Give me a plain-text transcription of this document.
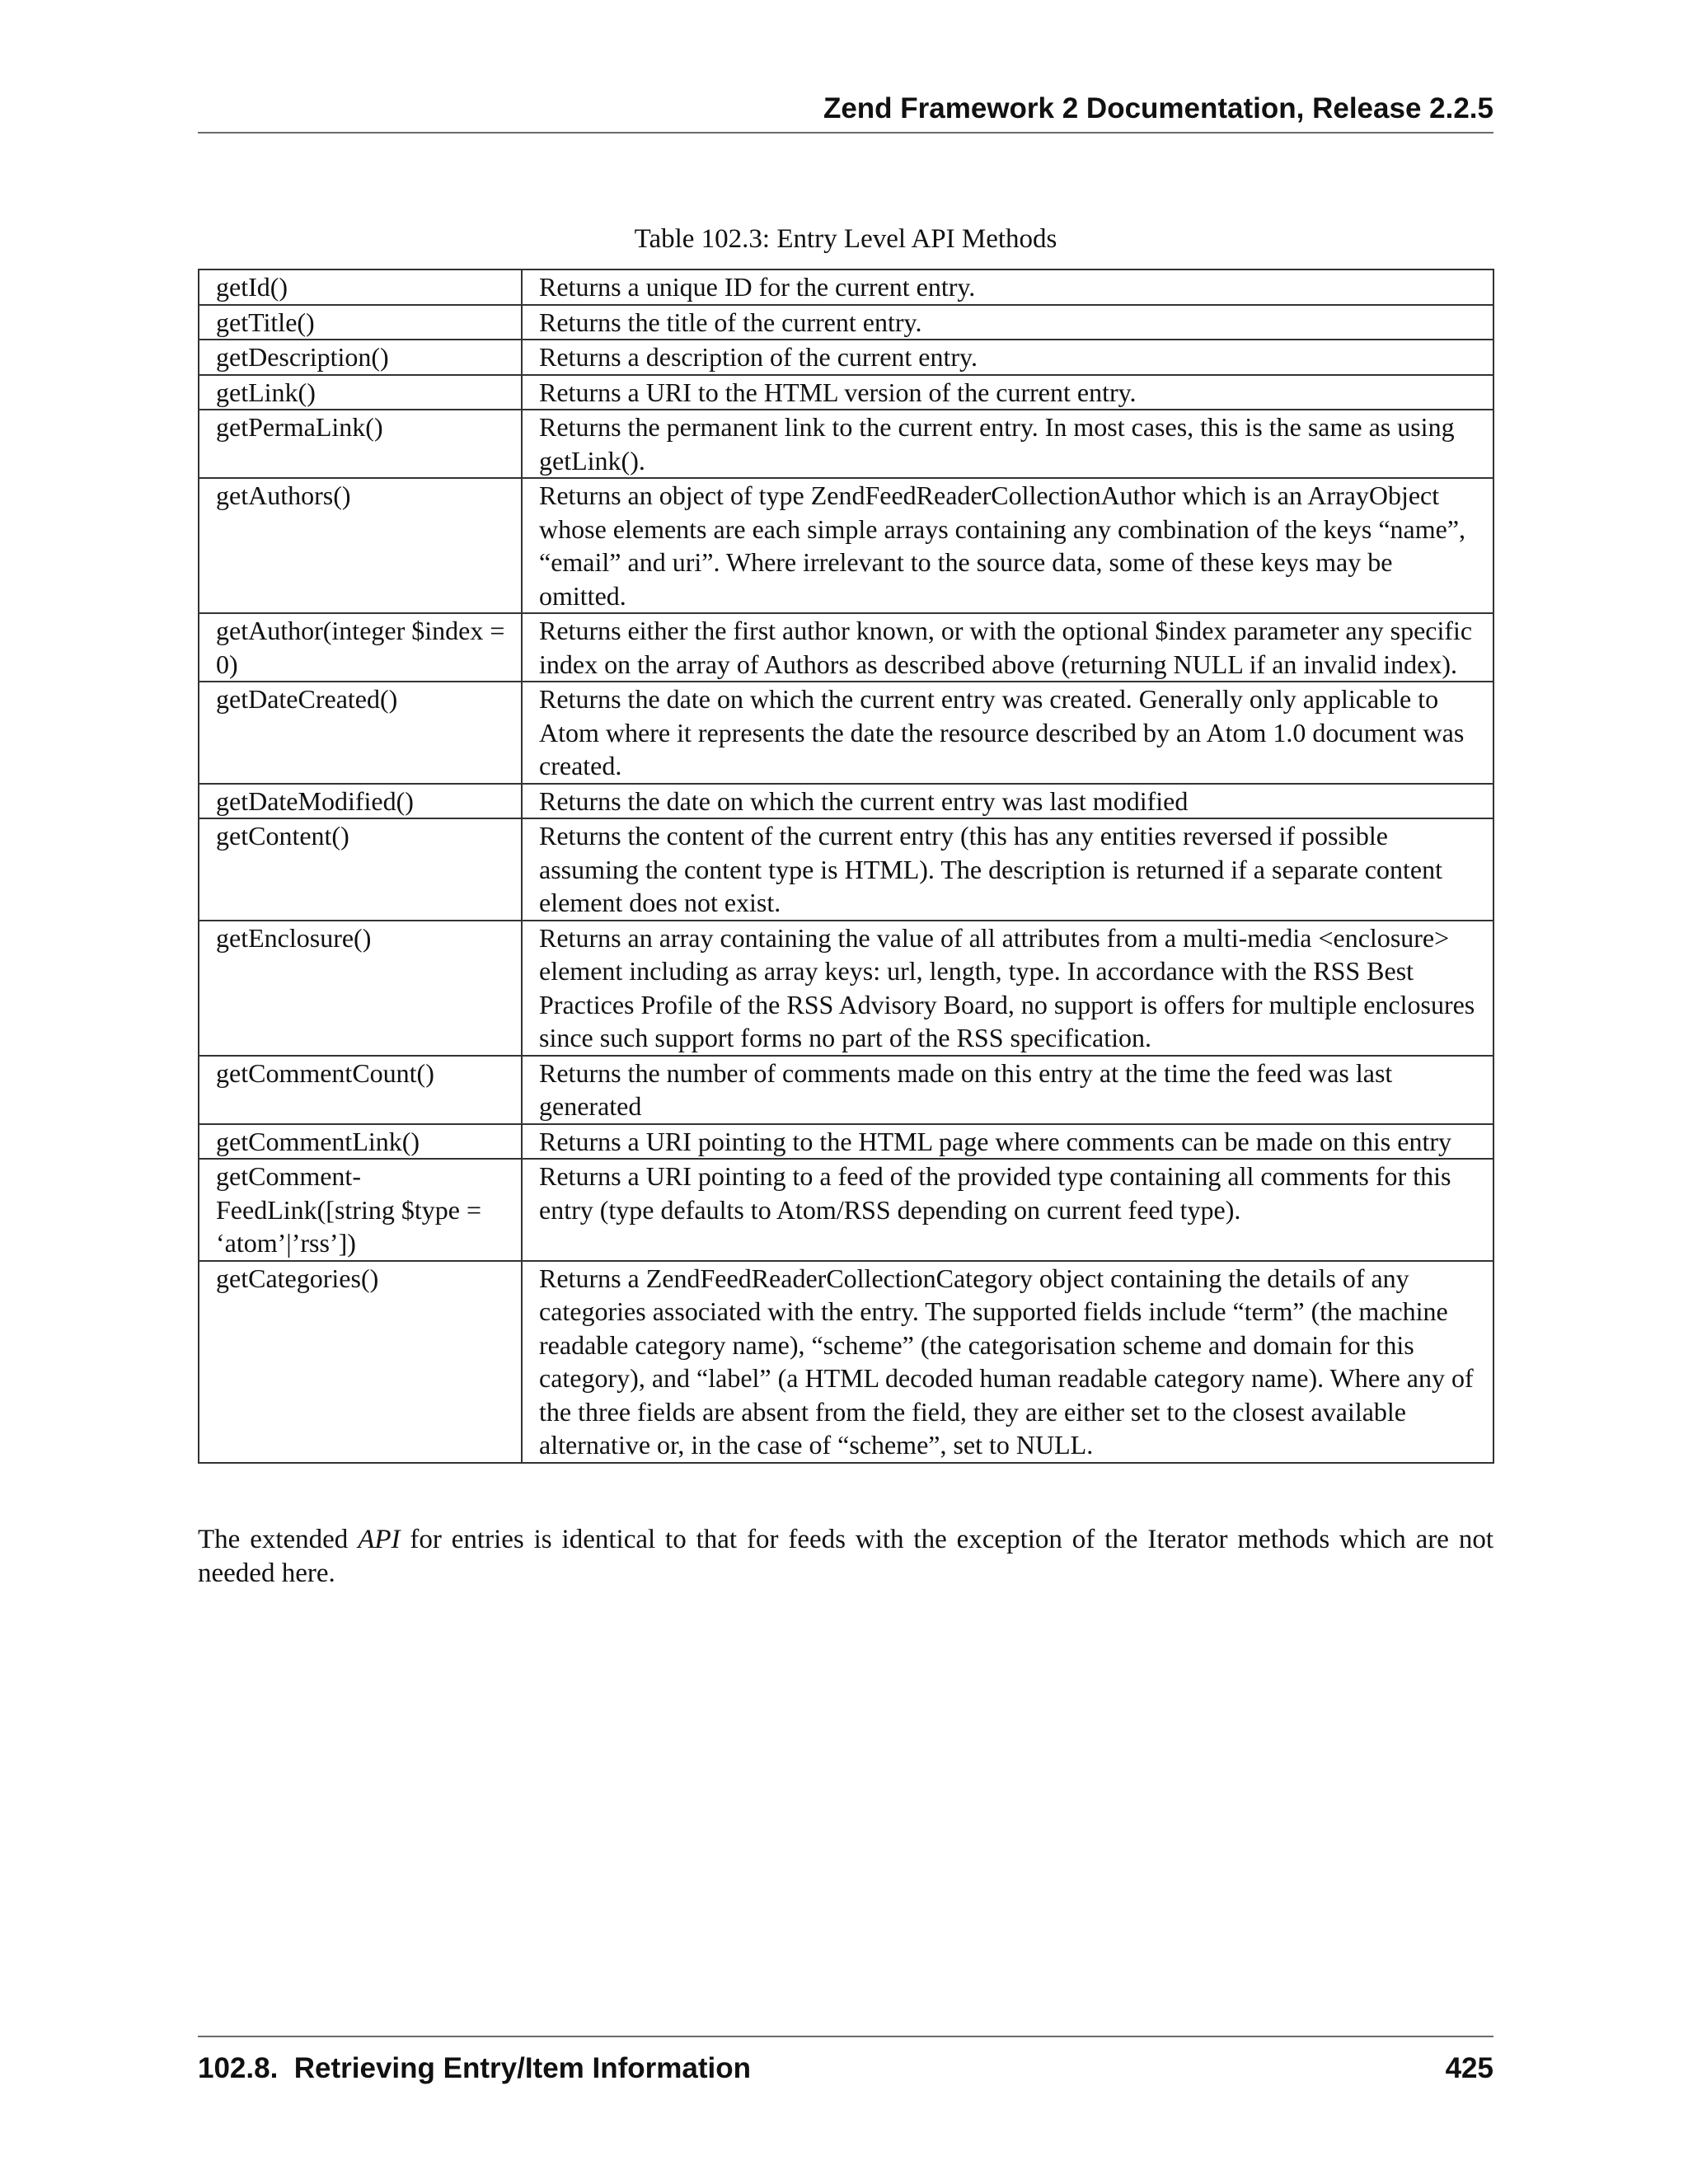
Zend Framework 2 Documentation, Release 2.2.5
Table 102.3: Entry Level API Methods
getId()	Returns a unique ID for the current entry.
getTitle()	Returns the title of the current entry.
getDescription()	Returns a description of the current entry.
getLink()	Returns a URI to the HTML version of the current entry.
getPermaLink()	Returns the permanent link to the current entry. In most cases, this is the same as using getLink().
getAuthors()	Returns an object of type ZendFeedReaderCollectionAuthor which is an ArrayObject whose elements are each simple arrays containing any combination of the keys “name”, “email” and uri”. Where irrelevant to the source data, some of these keys may be omitted.
getAuthor(integer $index = 0)	Returns either the first author known, or with the optional $index parameter any specific index on the array of Authors as described above (returning NULL if an invalid index).
getDateCreated()	Returns the date on which the current entry was created. Generally only applicable to Atom where it represents the date the resource described by an Atom 1.0 document was created.
getDateModified()	Returns the date on which the current entry was last modified
getContent()	Returns the content of the current entry (this has any entities reversed if possible assuming the content type is HTML). The description is returned if a separate content element does not exist.
getEnclosure()	Returns an array containing the value of all attributes from a multi-media <enclosure> element including as array keys: url, length, type. In accordance with the RSS Best Practices Profile of the RSS Advisory Board, no support is offers for multiple enclosures since such support forms no part of the RSS specification.
getCommentCount()	Returns the number of comments made on this entry at the time the feed was last generated
getCommentLink()	Returns a URI pointing to the HTML page where comments can be made on this entry
getComment-FeedLink([string $type = ‘atom’|’rss’])	Returns a URI pointing to a feed of the provided type containing all comments for this entry (type defaults to Atom/RSS depending on current feed type).
getCategories()	Returns a ZendFeedReaderCollectionCategory object containing the details of any categories associated with the entry. The supported fields include “term” (the machine readable category name), “scheme” (the categorisation scheme and domain for this category), and “label” (a HTML decoded human readable category name). Where any of the three fields are absent from the field, they are either set to the closest available alternative or, in the case of “scheme”, set to NULL.

The extended API for entries is identical to that for feeds with the exception of the Iterator methods which are not needed here.

102.8.  Retrieving Entry/Item Information	425
